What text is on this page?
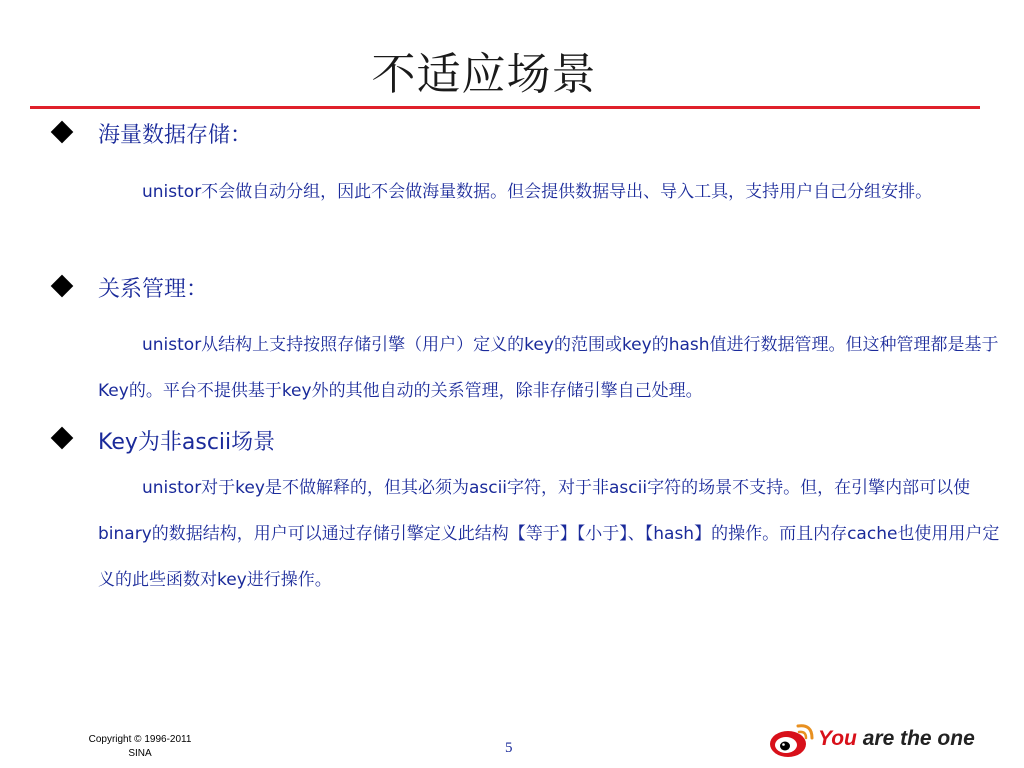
不适应场景
海量数据存储：
unistor不会做自动分组，因此不会做海量数据。但会提供数据导出、导入工具，支持用户自己分组安排。
关系管理：
unistor从结构上支持按照存储引擎（用户）定义的key的范围或key的hash值进行数据管理。但这种管理都是基于Key的。平台不提供基于key外的其他自动的关系管理，除非存储引擎自己处理。
Key为非ascii场景
unistor对于key是不做解释的，但其必须为ascii字符，对于非ascii字符的场景不支持。但，在引擎内部可以使binary的数据结构，用户可以通过存储引擎定义此结构【等于】【小于】、【hash】的操作。而且内存cache也使用用户定义的此些函数对key进行操作。
Copyright © 1996-2011
SINA	5	You are the one
